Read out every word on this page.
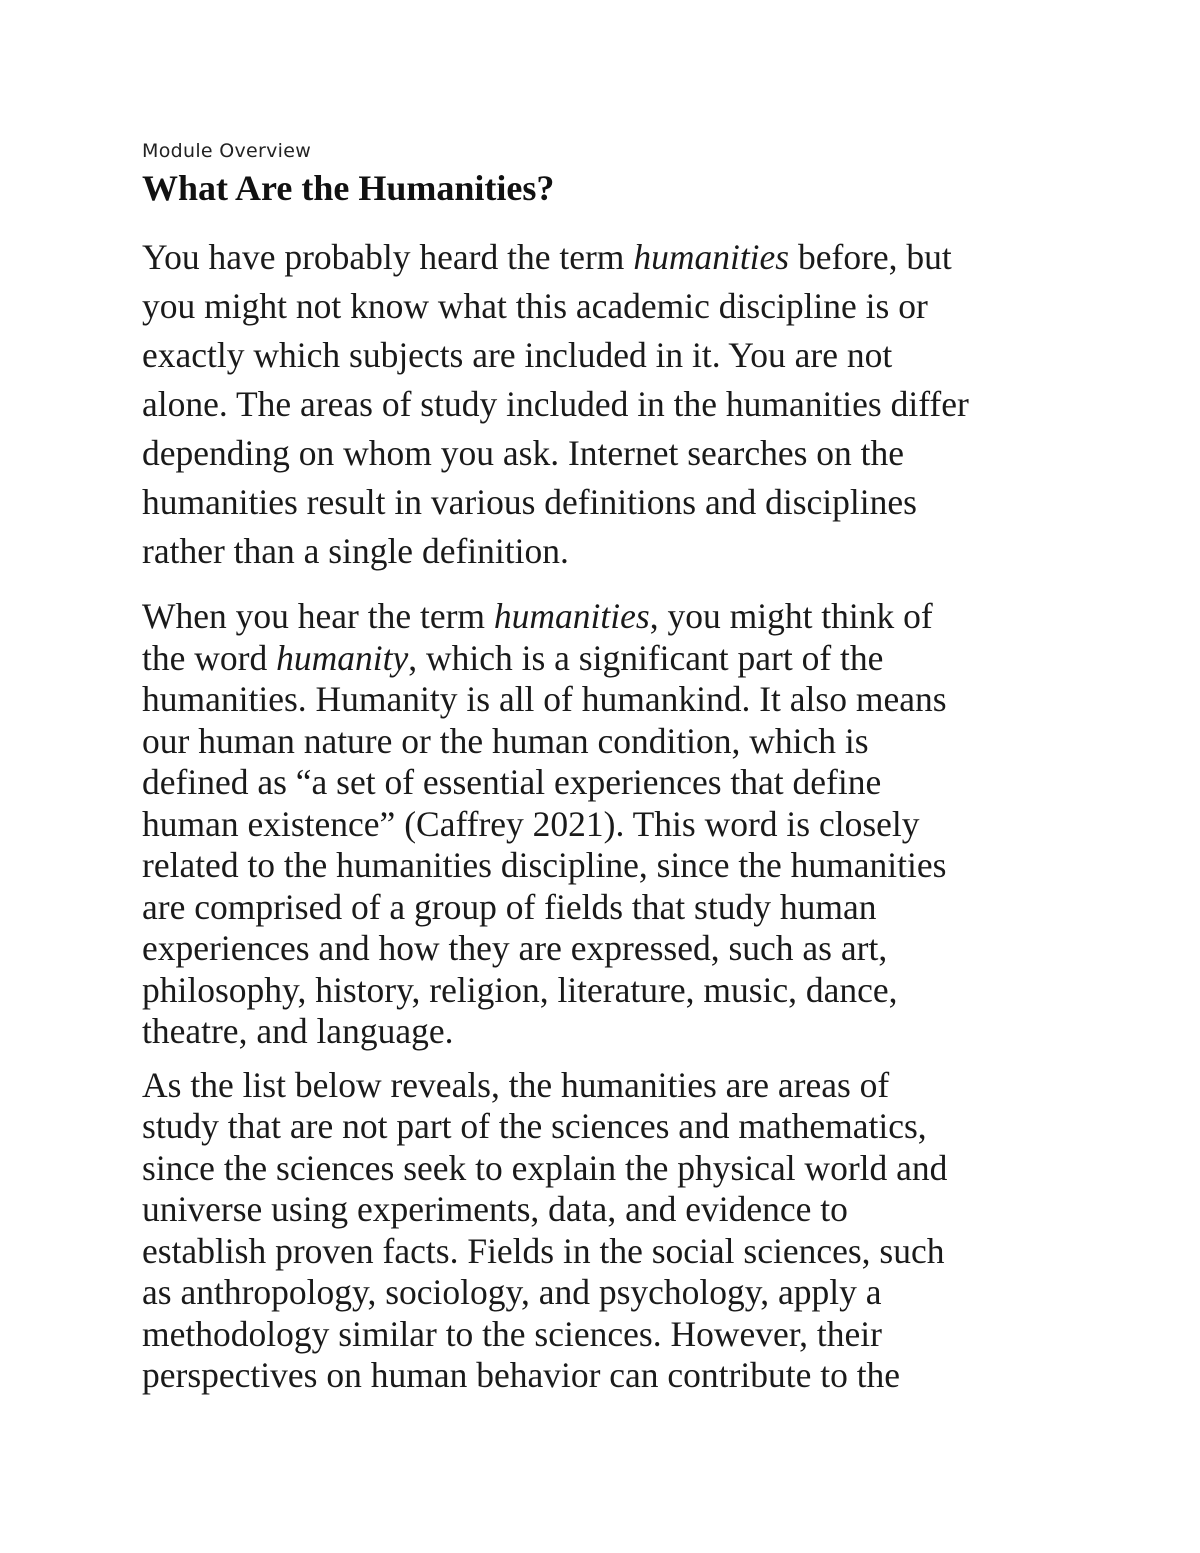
Module Overview
What Are the Humanities?

You have probably heard the term humanities before, but
you might not know what this academic discipline is or
exactly which subjects are included in it. You are not
alone. The areas of study included in the humanities differ
depending on whom you ask. Internet searches on the
humanities result in various definitions and disciplines
rather than a single definition.

When you hear the term humanities, you might think of
the word humanity, which is a significant part of the
humanities. Humanity is all of humankind. It also means
our human nature or the human condition, which is
defined as “a set of essential experiences that define
human existence” (Caffrey 2021). This word is closely
related to the humanities discipline, since the humanities
are comprised of a group of fields that study human
experiences and how they are expressed, such as art,
philosophy, history, religion, literature, music, dance,
theatre, and language.

As the list below reveals, the humanities are areas of
study that are not part of the sciences and mathematics,
since the sciences seek to explain the physical world and
universe using experiments, data, and evidence to
establish proven facts. Fields in the social sciences, such
as anthropology, sociology, and psychology, apply a
methodology similar to the sciences. However, their
perspectives on human behavior can contribute to the
